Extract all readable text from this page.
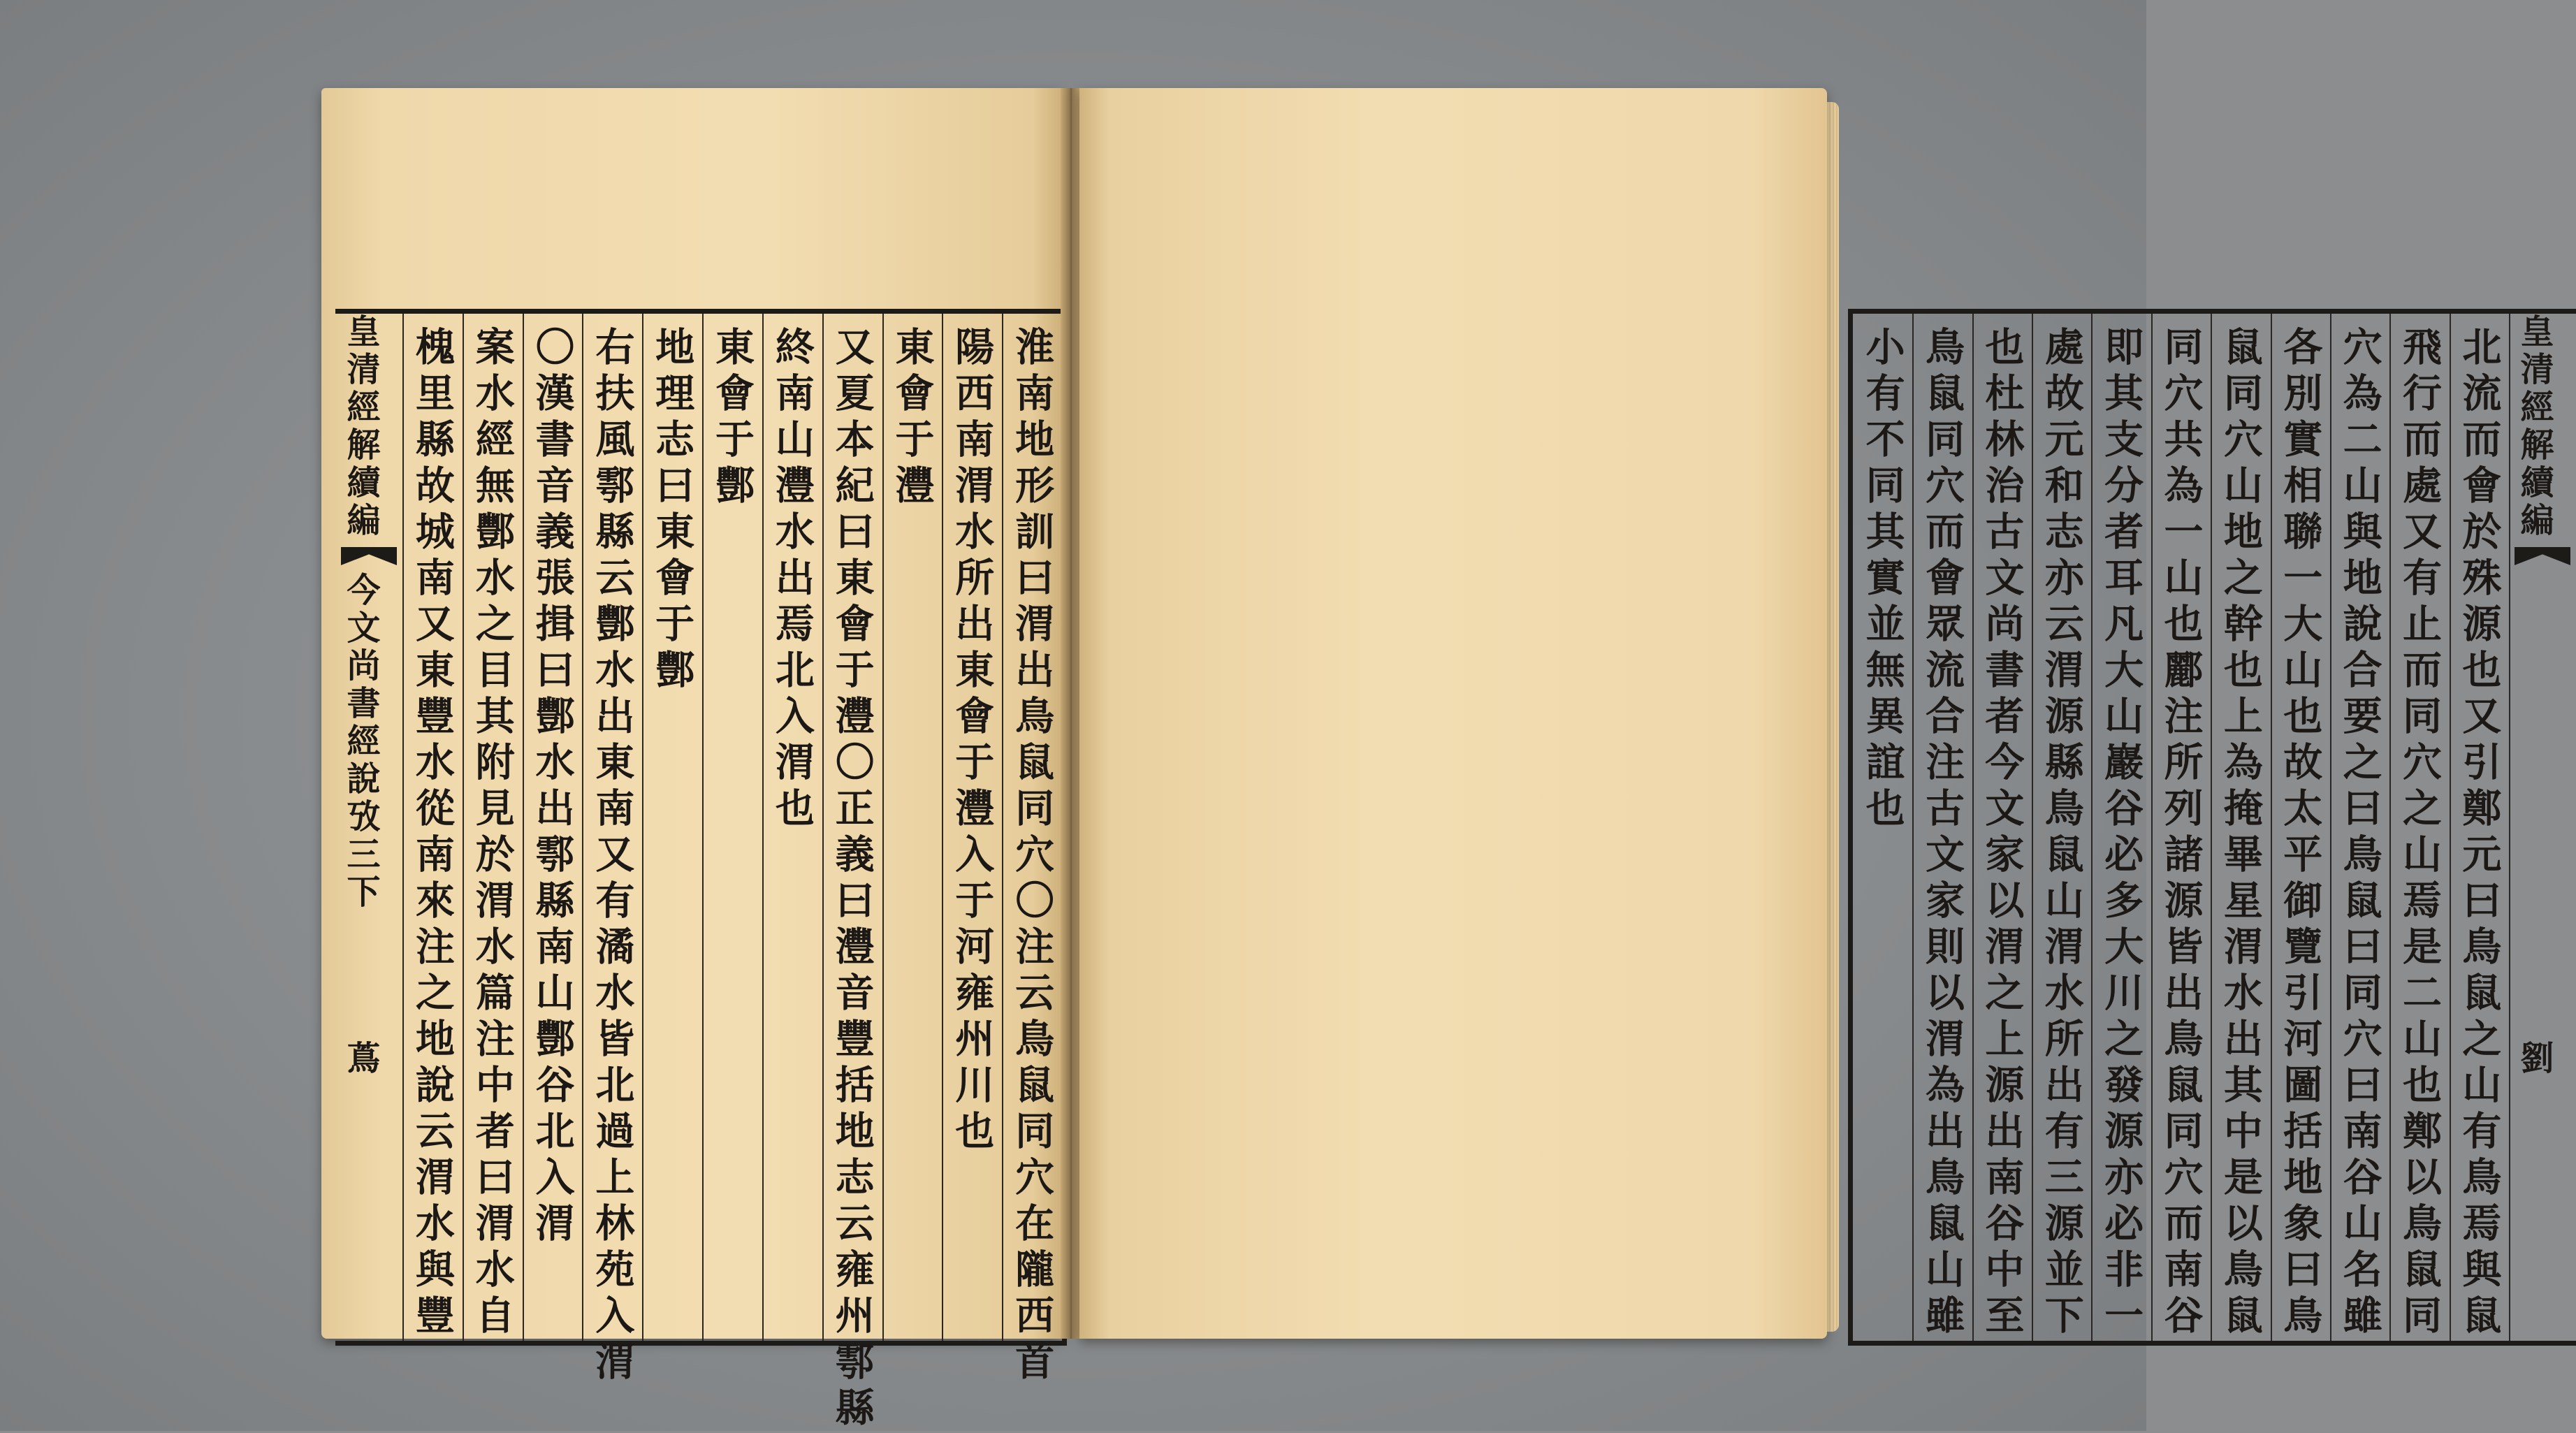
皇清經解續編
今文尚書經說攷三下
蔦	淮南地形訓曰渭出鳥鼠同穴〇注云鳥鼠同穴在隴西首
陽西南渭水所出東會于灃入于河雍州川也
東會于灃
又夏本紀曰東會于灃〇正義曰灃音豐括地志云雍州鄠縣
終南山灃水出焉北入渭也
東會于酆
地理志曰東會于酆
右扶風鄠縣云酆水出東南又有潏水皆北過上林苑入渭
〇漢書音義張揖曰酆水出鄠縣南山酆谷北入渭
案水經無酆水之目其附見於渭水篇注中者曰渭水自
槐里縣故城南又東豐水從南來注之地說云渭水與豐	皇清經解續編
劉
北流而會於殊源也又引鄭元曰鳥鼠之山有鳥焉與鼠
飛行而處又有止而同穴之山焉是二山也鄭以鳥鼠同
穴為二山與地說合要之曰鳥鼠曰同穴曰南谷山名雖
各別實相聯一大山也故太平御覽引河圖括地象曰鳥
鼠同穴山地之幹也上為掩畢星渭水出其中是以鳥鼠
同穴共為一山也酈注所列諸源皆出鳥鼠同穴而南谷
即其支分者耳凡大山巖谷必多大川之發源亦必非一
處故元和志亦云渭源縣鳥鼠山渭水所出有三源並下
也杜林治古文尚書者今文家以渭之上源出南谷中至
鳥鼠同穴而會眾流合注古文家則以渭為出鳥鼠山雖
小有不同其實並無異誼也
